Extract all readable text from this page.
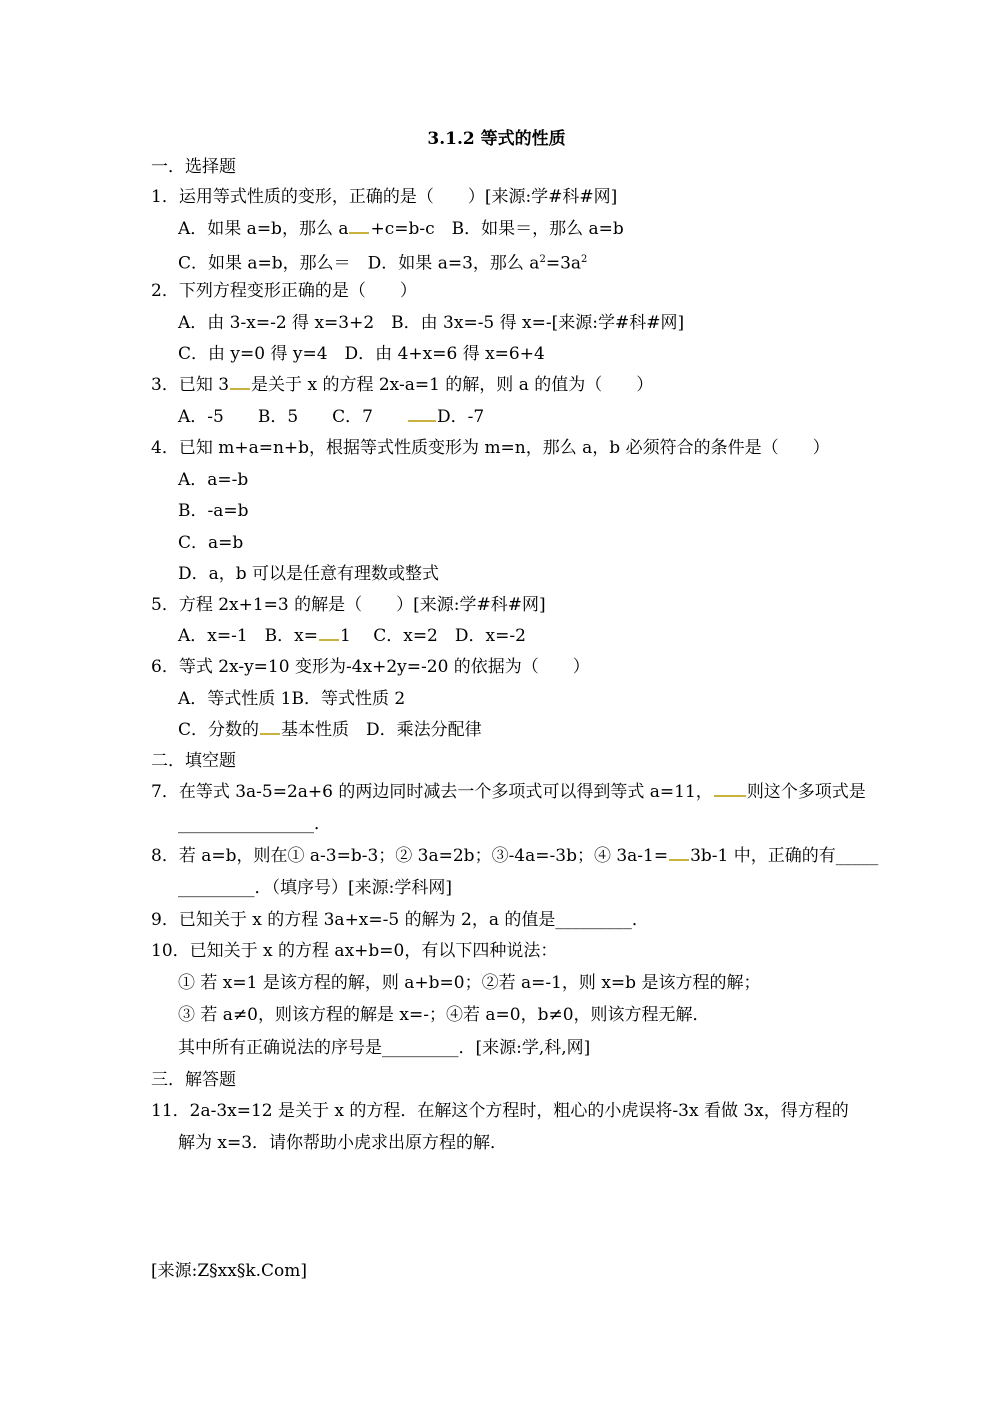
3.1.2 等式的性质
一．选择题
1．运用等式性质的变形，正确的是（　　）[来源:学#科#网]
A．如果 a=b，那么 a +c=b-c　B．如果＝，那么 a=b
C．如果 a=b，那么＝　D．如果 a=3，那么 $a^2=3a^2$
2．下列方程变形正确的是（　　）
A．由 3-x=-2 得 x=3+2　B．由 3x=-5 得 x=-[来源:学#科#网]
C．由 y=0 得 y=4　D．由 4+x=6 得 x=6+4
3．已知 3 是关于 x 的方程 2x-a=1 的解，则 a 的值为（　　）
A．-5　　B．5　　C．7　　D．-7
4．已知 m+a=n+b，根据等式性质变形为 m=n，那么 a，b 必须符合的条件是（　　）
A．a=-b
B．-a=b
C．a=b
D．a，b 可以是任意有理数或整式
5．方程 2x+1=3 的解是（　　）[来源:学#科#网]
A．x=-1　B．x= 1　 C．x=2　D．x=-2
6．等式 2x-y=10 变形为-4x+2y=-20 的依据为（　　）
A．等式性质 1B．等式性质 2
C．分数的 基本性质　D．乘法分配律
二．填空题
7．在等式 3a-5=2a+6 的两边同时减去一个多项式可以得到等式 a=11， 则这个多项式是
________________．
8．若 a=b，则在① a-3=b-3；② 3a=2b；③-4a=-3b；④ 3a-1= 3b-1 中，正确的有_____
_________．（填序号）[来源:学科网]
9．已知关于 x 的方程 3a+x=-5 的解为 2，a 的值是_________．
10．已知关于 x 的方程 ax+b=0，有以下四种说法：
① 若 x=1 是该方程的解，则 a+b=0；②若 a=-1，则 x=b 是该方程的解；
③ 若 a≠0，则该方程的解是 x=-；④若 a=0，b≠0，则该方程无解．
其中所有正确说法的序号是_________．[来源:学,科,网]
三．解答题
11．2a-3x=12 是关于 x 的方程．在解这个方程时，粗心的小虎误将-3x 看做 3x，得方程的
解为 x=3．请你帮助小虎求出原方程的解．
[来源:Z§xx§k.Com]
